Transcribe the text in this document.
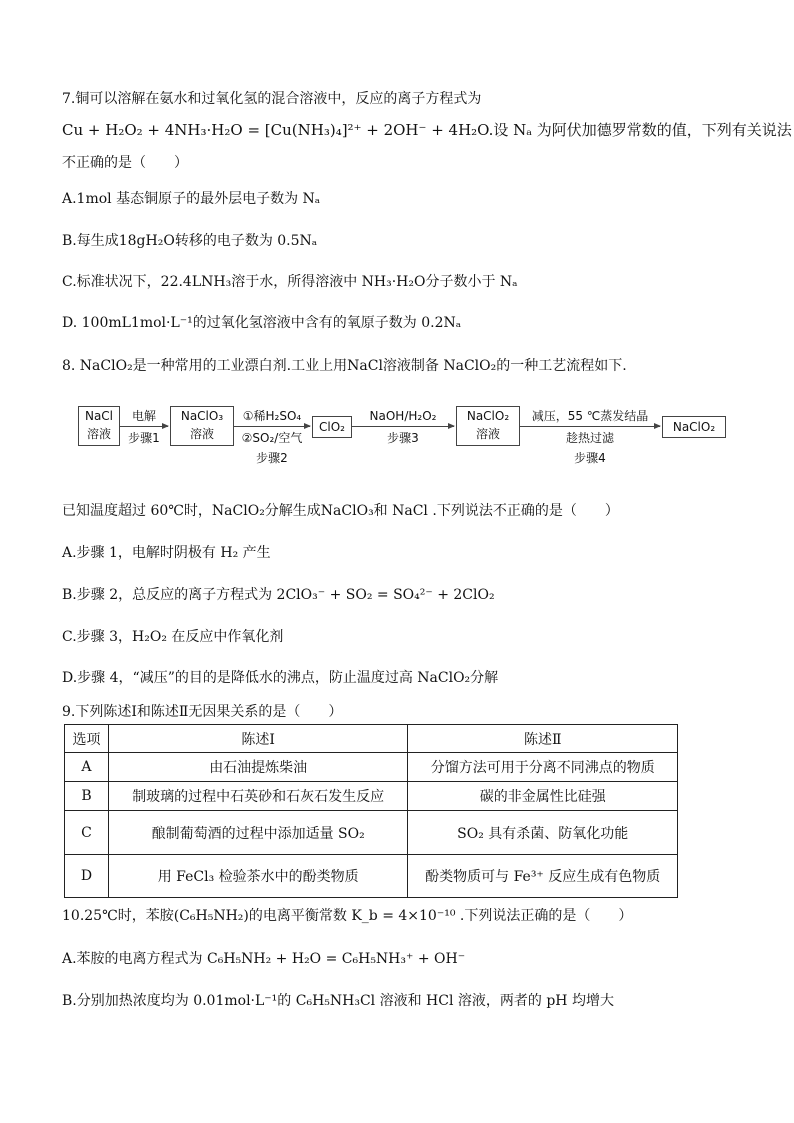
7.铜可以溶解在氨水和过氧化氢的混合溶液中，反应的离子方程式为
Cu + H₂O₂ + 4NH₃·H₂O = [Cu(NH₃)₄]²⁺ + 2OH⁻ + 4H₂O.设 Nₐ 为阿伏加德罗常数的值，下列有关说法
不正确的是（　　）
A.1mol 基态铜原子的最外层电子数为 Nₐ
B.每生成18gH₂O转移的电子数为 0.5Nₐ
C.标准状况下，22.4LNH₃溶于水，所得溶液中 NH₃·H₂O分子数小于 Nₐ
D. 100mL1mol·L⁻¹的过氧化氢溶液中含有的氧原子数为 0.2Nₐ
8. NaClO₂是一种常用的工业漂白剂.工业上用NaCl溶液制备 NaClO₂的一种工艺流程如下.
NaCl
溶液
电解
步骤1
NaClO₃
溶液
①稀H₂SO₄
②SO₂/空气
步骤2
ClO₂
NaOH/H₂O₂
步骤3
NaClO₂
溶液
减压，55 ℃蒸发结晶
趁热过滤
步骤4
NaClO₂
已知温度超过 60℃时，NaClO₂分解生成NaClO₃和 NaCl .下列说法不正确的是（　　）
A.步骤 1，电解时阴极有 H₂ 产生
B.步骤 2，总反应的离子方程式为 2ClO₃⁻ + SO₂ = SO₄²⁻ + 2ClO₂
C.步骤 3，H₂O₂ 在反应中作氧化剂
D.步骤 4，“减压”的目的是降低水的沸点，防止温度过高 NaClO₂分解
9.下列陈述Ⅰ和陈述Ⅱ无因果关系的是（　　）
选项	陈述Ⅰ	陈述Ⅱ
A	由石油提炼柴油	分馏方法可用于分离不同沸点的物质
B	制玻璃的过程中石英砂和石灰石发生反应	碳的非金属性比硅强
C	酿制葡萄酒的过程中添加适量 SO₂	SO₂ 具有杀菌、防氧化功能
D	用 FeCl₃ 检验茶水中的酚类物质	酚类物质可与 Fe³⁺ 反应生成有色物质
10.25℃时，苯胺(C₆H₅NH₂)的电离平衡常数 K_b = 4×10⁻¹⁰ .下列说法正确的是（　　）
A.苯胺的电离方程式为 C₆H₅NH₂ + H₂O = C₆H₅NH₃⁺ + OH⁻
B.分别加热浓度均为 0.01mol·L⁻¹的 C₆H₅NH₃Cl 溶液和 HCl 溶液，两者的 pH 均增大
